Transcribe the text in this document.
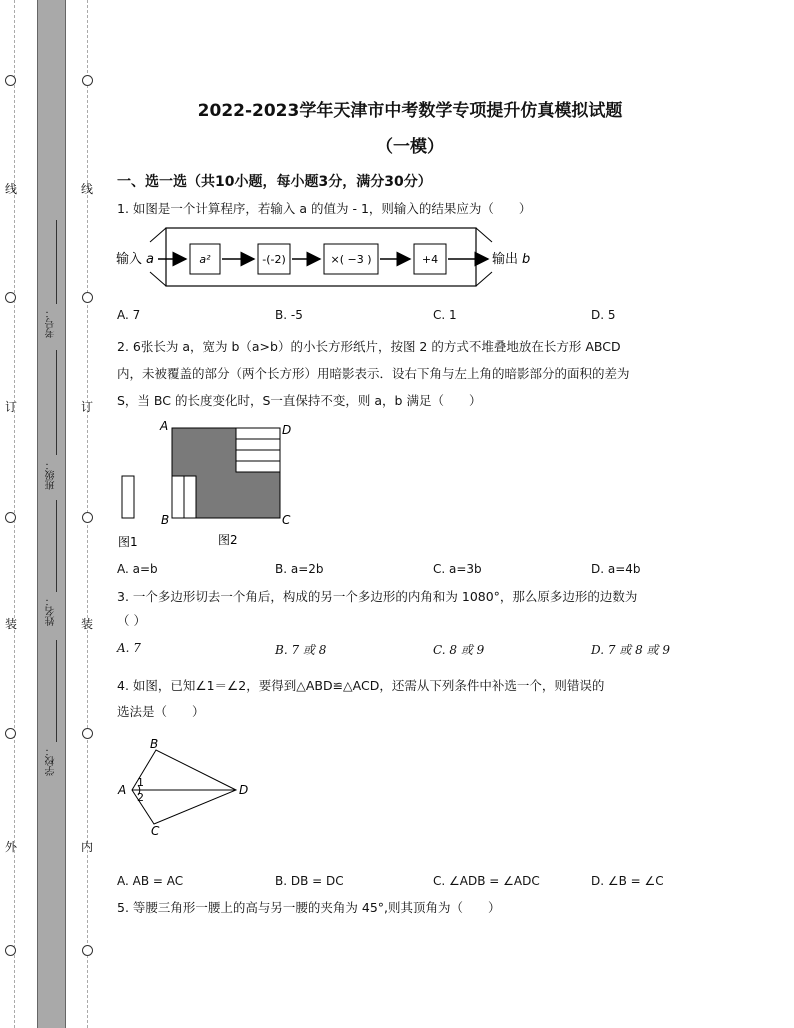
线
订
装
外
线
订
装
内
考号：
班级：
姓名：
学校：
2022-2023学年天津市中考数学专项提升仿真模拟试题
（一模）
一、选一选（共10小题，每小题3分，满分30分）
1. 如图是一个计算程序，若输入 a 的值为 - 1，则输入的结果应为（　　）
输入 a	a²	-(-2)	×( −3 )	+4	输出 b
A. 7	B. -5	C. 1	D. 5
2. 6张长为 a，宽为 b（a>b）的小长方形纸片，按图 2 的方式不堆叠地放在长方形 ABCD
内，未被覆盖的部分（两个长方形）用暗影表示．设右下角与左上角的暗影部分的面积的差为
S，当 BC 的长度变化时，S一直保持不变，则 a，b 满足（　　）
A	D
B	C
图1	图2
A. a=b	B. a=2b	C. a=3b	D. a=4b
3. 一个多边形切去一个角后，构成的另一个多边形的内角和为 1080°，那么原多边形的边数为
（ ）
A. 7	B. 7 或 8	C. 8 或 9	D. 7 或 8 或 9
4. 如图，已知∠1＝∠2，要得到△ABD≌△ACD，还需从下列条件中补选一个，则错误的
选法是（　　）
B
A	D
C
1
2
A. AB = AC	B. DB = DC	C. ∠ADB = ∠ADC	D. ∠B = ∠C
5. 等腰三角形一腰上的高与另一腰的夹角为 45°,则其顶角为（　　）
